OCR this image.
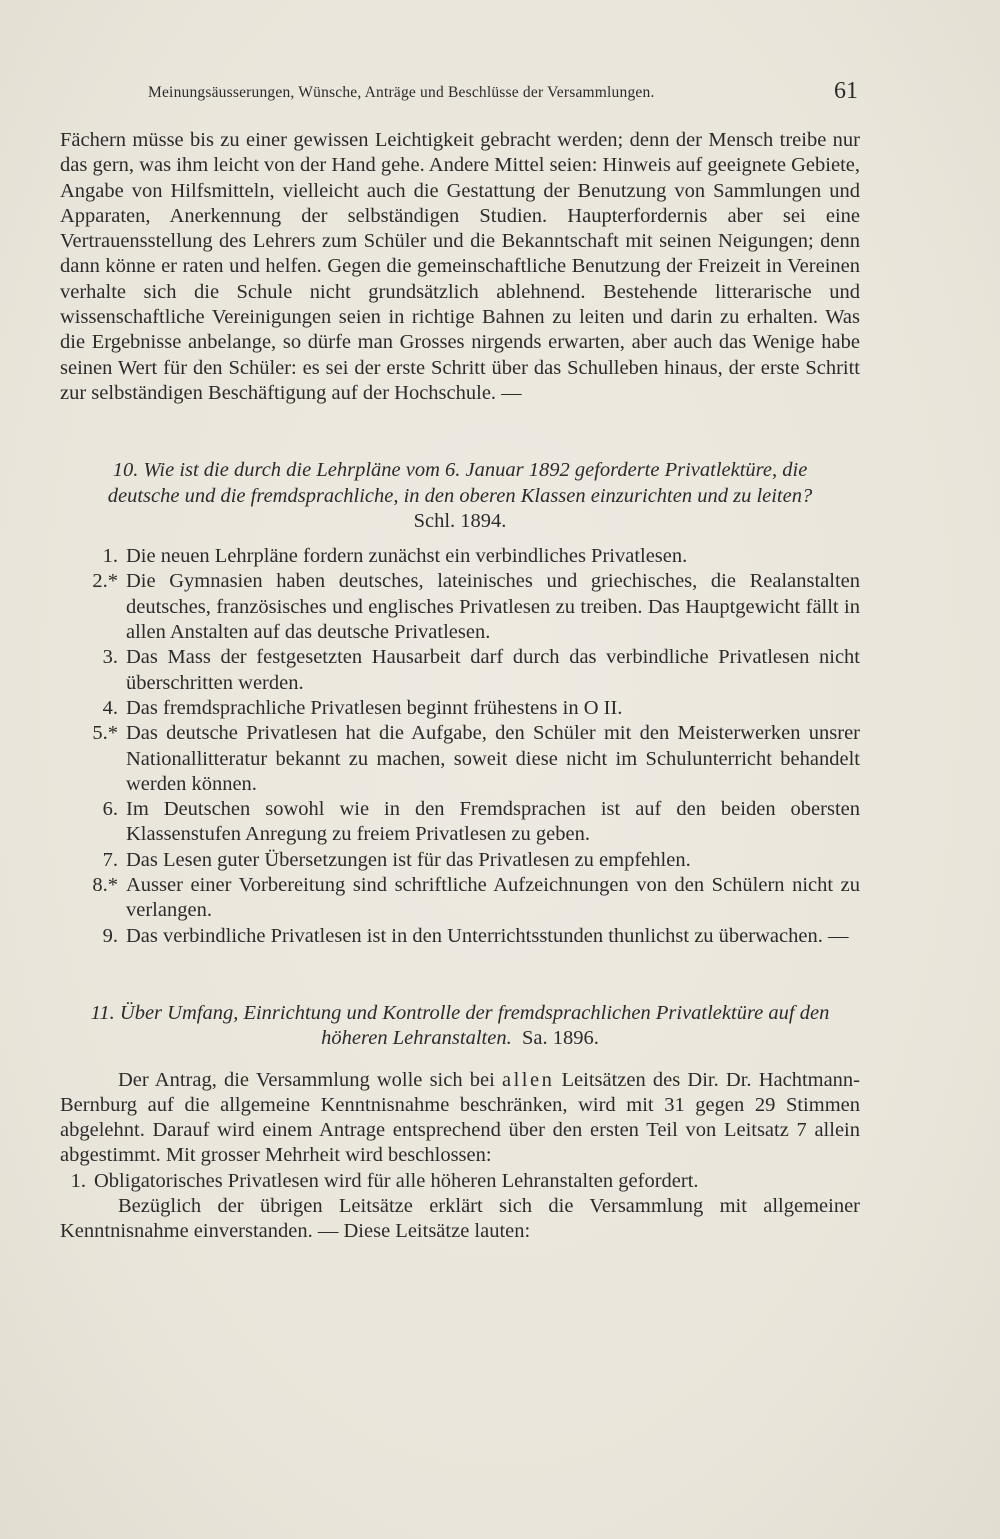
Meinungsäusserungen, Wünsche, Anträge und Beschlüsse der Versammlungen.	61

Fächern müsse bis zu einer gewissen Leichtigkeit gebracht werden; denn der Mensch treibe nur das gern, was ihm leicht von der Hand gehe. Andere Mittel seien: Hinweis auf geeignete Gebiete, Angabe von Hilfsmitteln, vielleicht auch die Gestattung der Benutzung von Sammlungen und Apparaten, Anerkennung der selbständigen Studien. Haupterfordernis aber sei eine Vertrauensstellung des Lehrers zum Schüler und die Bekanntschaft mit seinen Neigungen; denn dann könne er raten und helfen. Gegen die gemeinschaftliche Benutzung der Freizeit in Vereinen verhalte sich die Schule nicht grundsätzlich ablehnend. Bestehende litterarische und wissenschaftliche Vereinigungen seien in richtige Bahnen zu leiten und darin zu erhalten. Was die Ergebnisse anbelange, so dürfe man Grosses nirgends erwarten, aber auch das Wenige habe seinen Wert für den Schüler: es sei der erste Schritt über das Schulleben hinaus, der erste Schritt zur selbständigen Beschäftigung auf der Hochschule. —

10. Wie ist die durch die Lehrpläne vom 6. Januar 1892 geforderte Privatlektüre, die

deutsche und die fremdsprachliche, in den oberen Klassen einzurichten und zu leiten?

Schl. 1894.

1. Die neuen Lehrpläne fordern zunächst ein verbindliches Privatlesen.
2.* Die Gymnasien haben deutsches, lateinisches und griechisches, die Realanstalten deutsches, französisches und englisches Privatlesen zu treiben. Das Hauptgewicht fällt in allen Anstalten auf das deutsche Privatlesen.
3. Das Mass der festgesetzten Hausarbeit darf durch das verbindliche Privatlesen nicht überschritten werden.
4. Das fremdsprachliche Privatlesen beginnt frühestens in O II.
5.* Das deutsche Privatlesen hat die Aufgabe, den Schüler mit den Meisterwerken unsrer Nationallitteratur bekannt zu machen, soweit diese nicht im Schulunterricht behandelt werden können.
6. Im Deutschen sowohl wie in den Fremdsprachen ist auf den beiden obersten Klassenstufen Anregung zu freiem Privatlesen zu geben.
7. Das Lesen guter Übersetzungen ist für das Privatlesen zu empfehlen.
8.* Ausser einer Vorbereitung sind schriftliche Aufzeichnungen von den Schülern nicht zu verlangen.
9. Das verbindliche Privatlesen ist in den Unterrichtsstunden thunlichst zu überwachen. —

11. Über Umfang, Einrichtung und Kontrolle der fremdsprachlichen Privatlektüre auf den

höheren Lehranstalten. Sa. 1896.

Der Antrag, die Versammlung wolle sich bei allen Leitsätzen des Dir. Dr. Hachtmann-Bernburg auf die allgemeine Kenntnisnahme beschränken, wird mit 31 gegen 29 Stimmen abgelehnt. Darauf wird einem Antrage entsprechend über den ersten Teil von Leitsatz 7 allein abgestimmt. Mit grosser Mehrheit wird beschlossen:

1. Obligatorisches Privatlesen wird für alle höheren Lehranstalten gefordert.

Bezüglich der übrigen Leitsätze erklärt sich die Versammlung mit allgemeiner Kenntnisnahme einverstanden. — Diese Leitsätze lauten:
